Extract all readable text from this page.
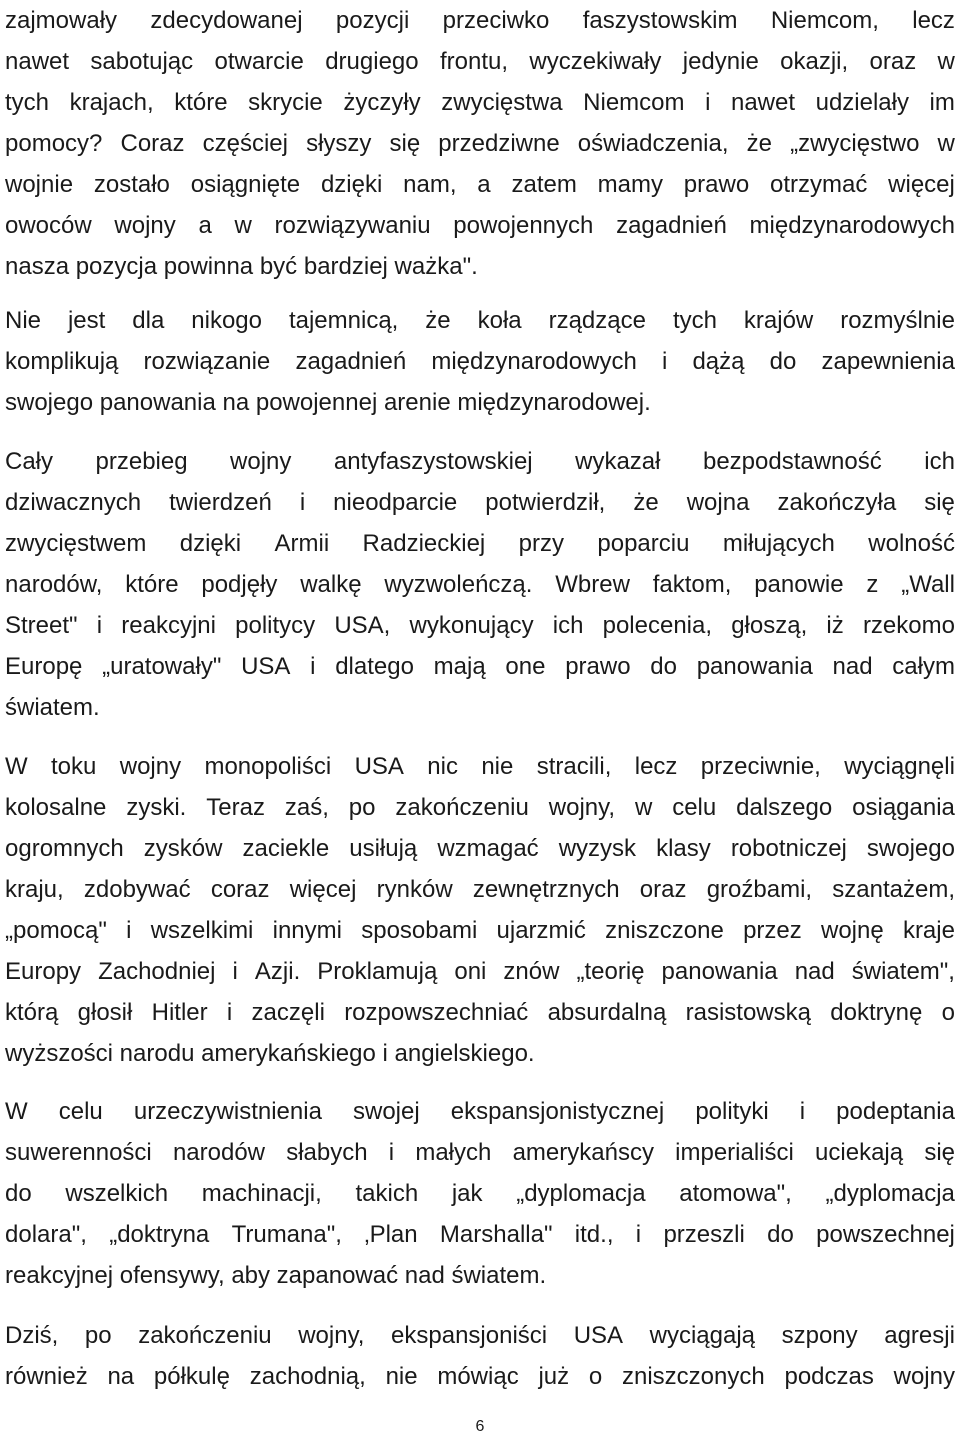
zajmowały zdecydowanej pozycji przeciwko faszystowskim Niemcom, lecz
nawet sabotując otwarcie drugiego frontu, wyczekiwały jedynie okazji, oraz w
tych krajach, które skrycie życzyły zwycięstwa Niemcom i nawet udzielały im
pomocy? Coraz częściej słyszy się przedziwne oświadczenia, że „zwycięstwo w
wojnie zostało osiągnięte dzięki nam, a zatem mamy prawo otrzymać więcej
owoców wojny a w rozwiązywaniu powojennych zagadnień międzynarodowych
nasza pozycja powinna być bardziej ważka".
Nie jest dla nikogo tajemnicą, że koła rządzące tych krajów rozmyślnie
komplikują rozwiązanie zagadnień międzynarodowych i dążą do zapewnienia
swojego panowania na powojennej arenie międzynarodowej.
Cały przebieg wojny antyfaszystowskiej wykazał bezpodstawność ich
dziwacznych twierdzeń i nieodparcie potwierdził, że wojna zakończyła się
zwycięstwem dzięki Armii Radzieckiej przy poparciu miłujących wolność
narodów, które podjęły walkę wyzwoleńczą. Wbrew faktom, panowie z „Wall
Street" i reakcyjni politycy USA, wykonujący ich polecenia, głoszą, iż rzekomo
Europę „uratowały" USA i dlatego mają one prawo do panowania nad całym
światem.
W toku wojny monopoliści USA nic nie stracili, lecz przeciwnie, wyciągnęli
kolosalne zyski. Teraz zaś, po zakończeniu wojny, w celu dalszego osiągania
ogromnych zysków zaciekle usiłują wzmagać wyzysk klasy robotniczej swojego
kraju, zdobywać coraz więcej rynków zewnętrznych oraz groźbami, szantażem,
„pomocą" i wszelkimi innymi sposobami ujarzmić zniszczone przez wojnę kraje
Europy Zachodniej i Azji. Proklamują oni znów „teorię panowania nad światem",
którą głosił Hitler i zaczęli rozpowszechniać absurdalną rasistowską doktrynę o
wyższości narodu amerykańskiego i angielskiego.
W celu urzeczywistnienia swojej ekspansjonistycznej polityki i podeptania
suwerenności narodów słabych i małych amerykańscy imperialiści uciekają się
do wszelkich machinacji, takich jak „dyplomacja atomowa", „dyplomacja
dolara", „doktryna Trumana", ‚Plan Marshalla" itd., i przeszli do powszechnej
reakcyjnej ofensywy, aby zapanować nad światem.
Dziś, po zakończeniu wojny, ekspansjoniści USA wyciągają szpony agresji
również na półkulę zachodnią, nie mówiąc już o zniszczonych podczas wojny
6
